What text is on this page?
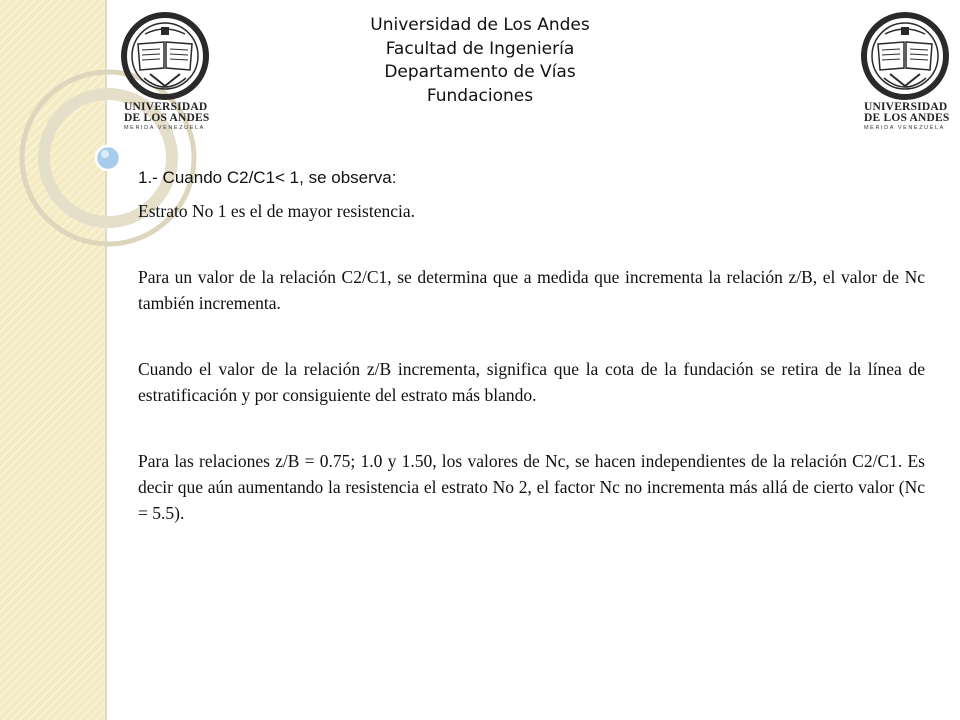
UNIVERSIDAD
DE LOS ANDES
MERIDA VENEZUELA
UNIVERSIDAD
DE LOS ANDES
MERIDA VENEZUELA
Universidad de Los Andes
Facultad de Ingeniería
Departamento de Vías
Fundaciones

1.- Cuando C2/C1< 1, se observa:

Estrato No 1 es el de mayor resistencia.

Para un valor de la relación C2/C1, se determina que a medida que incrementa la relación z/B, el valor de Nc también incrementa.

Cuando el valor de la relación z/B incrementa, significa que la cota de la fundación se retira de la línea de estratificación y por consiguiente del estrato más blando.

Para las relaciones z/B = 0.75; 1.0 y 1.50, los valores de Nc, se hacen independientes de la relación C2/C1. Es decir que aún aumentando la resistencia el estrato No 2, el factor Nc no incrementa más allá de cierto valor (Nc = 5.5).
